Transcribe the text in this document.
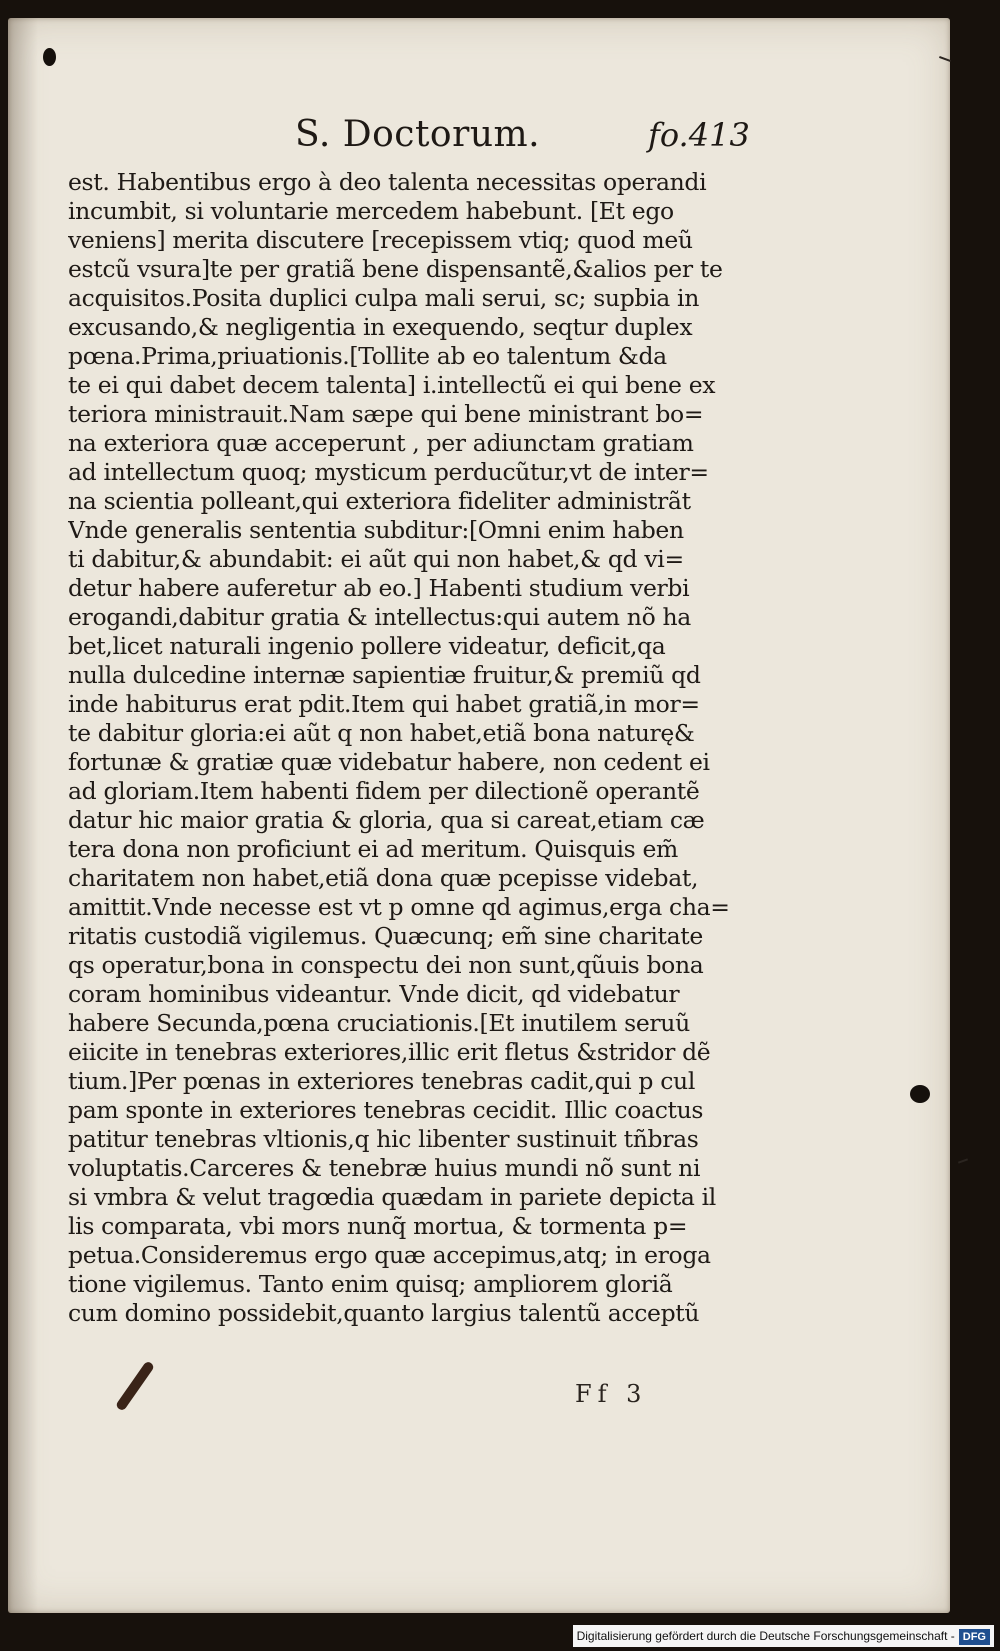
S. Doctorum.	fo.413
est. Habentibus ergo à deo talenta necessitas operandi
incumbit, si voluntarie mercedem habebunt. [Et ego
veniens] merita discutere [recepissem vtiq; quod meũ
estcũ vsura]te per gratiã bene dispensantẽ,&alios per te
acquisitos.Posita duplici culpa mali serui, sc; supbia in
excusando,& negligentia in exequendo, seqtur duplex
pœna.Prima,priuationis.[Tollite ab eo talentum &da
te ei qui dabet decem talenta] i.intellectũ ei qui bene ex
teriora ministrauit.Nam sæpe qui bene ministrant bo=
na exteriora quæ acceperunt , per adiunctam gratiam
ad intellectum quoq; mysticum perducũtur,vt de inter=
na scientia polleant,qui exteriora fideliter administrãt
Vnde generalis sententia subditur:[Omni enim haben
ti dabitur,& abundabit: ei aũt qui non habet,& qd vi=
detur habere auferetur ab eo.] Habenti studium verbi
erogandi,dabitur gratia & intellectus:qui autem nõ ha
bet,licet naturali ingenio pollere videatur, deficit,qa
nulla dulcedine internæ sapientiæ fruitur,& premiũ qd
inde habiturus erat pdit.Item qui habet gratiã,in mor=
te dabitur gloria:ei aũt q non habet,etiã bona naturę&
fortunæ & gratiæ quæ videbatur habere, non cedent ei
ad gloriam.Item habenti fidem per dilectionẽ operantẽ
datur hic maior gratia & gloria, qua si careat,etiam cæ
tera dona non proficiunt ei ad meritum. Quisquis em̃
charitatem non habet,etiã dona quæ pcepisse videbat,
amittit.Vnde necesse est vt p omne qd agimus,erga cha=
ritatis custodiã vigilemus. Quæcunq; em̃ sine charitate
qs operatur,bona in conspectu dei non sunt,qũuis bona
coram hominibus videantur. Vnde dicit, qd videbatur
habere Secunda,pœna cruciationis.[Et inutilem seruũ
eiicite in tenebras exteriores,illic erit fletus &stridor dẽ
tium.]Per pœnas in exteriores tenebras cadit,qui p cul
pam sponte in exteriores tenebras cecidit. Illic coactus
patitur tenebras vltionis,q hic libenter sustinuit tñbras
voluptatis.Carceres & tenebræ huius mundi nõ sunt ni
si vmbra & velut tragœdia quædam in pariete depicta il
lis comparata, vbi mors nunq̃ mortua, & tormenta p=
petua.Consideremus ergo quæ accepimus,atq; in eroga
tione vigilemus. Tanto enim quisq; ampliorem gloriã
cum domino possidebit,quanto largius talentũ acceptũ
Ff 3
Digitalisierung gefördert durch die Deutsche Forschungsgemeinschaft - DFG
